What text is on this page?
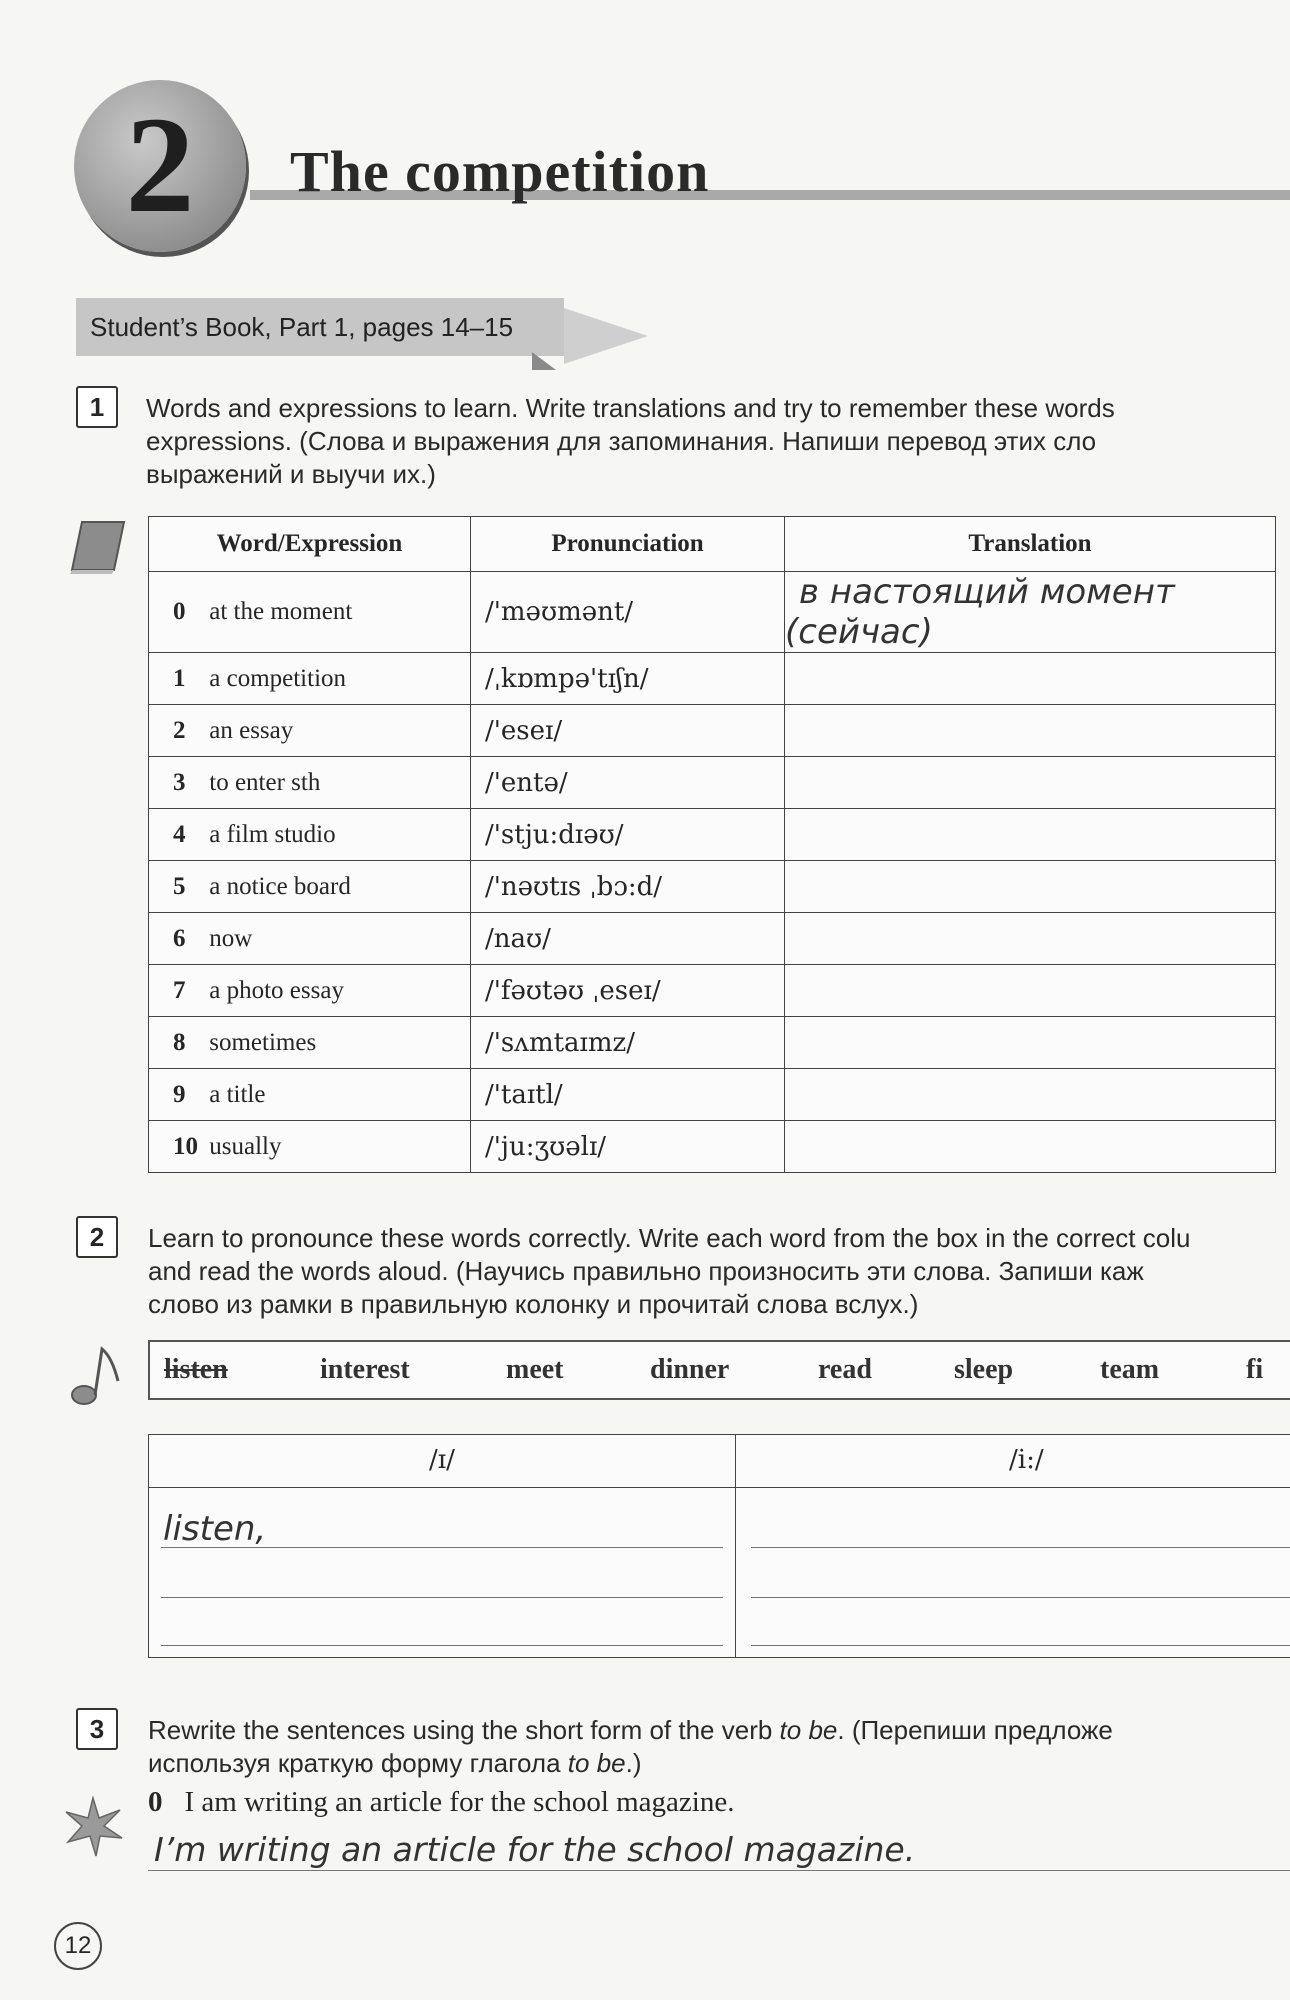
2	The competition
Student’s Book, Part 1, pages 14–15
1	Words and expressions to learn. Write translations and try to remember these words

expressions. (Слова и выражения для запоминания. Напиши перевод этих сло

выражений и выучи их.)

Word/Expression	Pronunciation	Translation
0 at the moment	/'məʊmənt/	в настоящий момент (сейчас)
1 a competition	/ˌkɒmpə'tɪʃn/	
2 an essay	/'eseɪ/	
3 to enter sth	/'entə/	
4 a film studio	/'stju:dɪəʊ/	
5 a notice board	/'nəʊtɪs ˌbɔ:d/	
6 now	/naʊ/	
7 a photo essay	/'fəʊtəʊ ˌeseɪ/	
8 sometimes	/'sʌmtaɪmz/	
9 a title	/'taɪtl/	
10 usually	/'ju:ʒʊəlɪ/	
2	Learn to pronounce these words correctly. Write each word from the box in the correct colu

and read the words aloud. (Научись правильно произносить эти слова. Запиши каж

слово из рамки в правильную колонку и прочитай слова вслух.)

listen	interest	meet	dinner	read	sleep	team	fi
/ɪ/	/i:/
listen,
3	Rewrite the sentences using the short form of the verb to be. (Перепиши предложе

используя краткую форму глагола to be.)

0 I am writing an article for the school magazine.
I’m writing an article for the school magazine.
12
